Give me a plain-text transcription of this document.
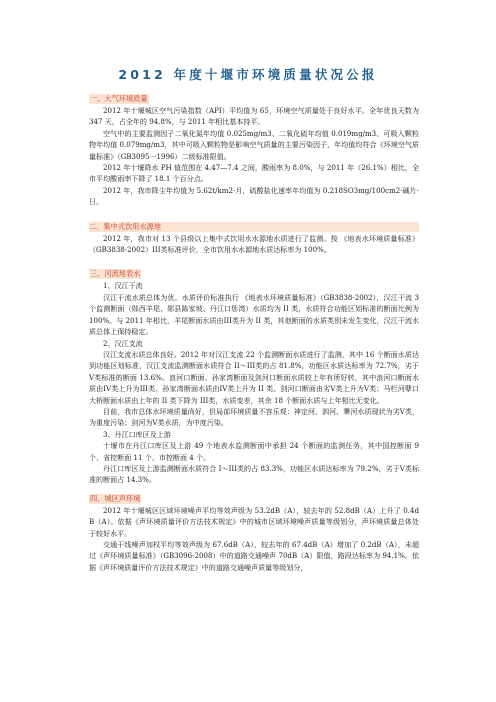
2012 年度十堰市环境质量状况公报
一、大气环境质量

2012 年十堰城区空气污染指数（API）平均值为 65，环境空气质量处于良好水平。全年优良天数为 347 天，占全年的 94.8%，与 2011 年相比基本持平。

空气中的主要监测因子二氧化氮年均值 0.025mg/m3、二氧化硫年均值 0.019mg/m3、可吸入颗粒物年均值 0.079mg/m3，其中可吸入颗粒物是影响空气质量的主要污染因子，年均值均符合《环境空气质量标准》（GB3095一1996）二级标准限值。

2012 年十堰降水 PH 值范围在 4.47—7.4 之间，酸雨率为 8.0%，与 2011 年（26.1%）相比，全市平均酸雨率下降了 18.1 个百分点。

2012 年，我市降尘年均值为 5.62t/km2·月，硫酸盐化速率年均值为 0.218SO3mg/100cm2·碱片·日。

二、集中式饮用水源地

2012 年，我市对 13 个县级以上集中式饮用水水源地水质进行了监测。按 《地表水环境质量标准》（GB3838-2002）III类标准评价，全市饮用水水源地水质达标率为 100%。

三、河流地表水

1、汉江干流

汉江干流水质总体为优。水质评价标准执行 《地表水环境质量标准》（GB3838-2002），汉江干流 3 个监测断面（郧西羊尾、郧县陈家坡、丹江口惩湾）水质均为 II 类，水质符合功能区划标准的断面比例为 100%。与 2011 年相比，羊尾断面水质由III类升为 II 类，其他断面的水质类别未发生变化，汉江干流水质总体上保持稳定。

2、汉江支流

汉江支流水质总体良好。2012 年对汉江支流 22 个监测断面水质进行了监测，其中 16 个断面水质达到功能区划标准，汉江支流监测断面水质符合 II～III类的占 81.8%，功能区水质达标率为 72.7%，劣于V类标准的断面 13.6%。浪河口断面、孙家湾断面及剑河口断面水质较上年有所好转，其中浪河口断面水质由IV类上升为III类、孙家湾断面水质由IV类上升为 II 类、剑河口断面由劣V类上升为V类；马栏河孽口大桥断面水质由上年的 II 类下降为 III类，水质变差，其余 18 个断面水质与上年相比无变化。

目前，我市总体水环境质量尚好，但局部环境质量不容乐观：神定河、泗河、犟河水质现状为劣V类，为重度污染；剑河为V类水质，为中度污染。

3、丹江口库区及上游

十堰市在丹江口库区及上游 49 个地表水监测断面中承担 24 个断面的监测任务，其中国控断面 9 个、省控断面 11 个、市控断面 4 个。

丹江口库区及上游监测断面水质符合 I～III类的占 83.3%，功能区水质达标率为 79.2%，劣于V类标准的断面占 14.3%。

四、城区声环境

2012 年十堰城区区域环境噪声平均等效声级为 53.2dB（A），较去年的 52.8dB（A）上升了 0.4dB（A）。依据《声环境质量评价方法技术规定》中的城市区域环境噪声质量等级划分，声环境质量总体处于较好水平。

交通干线噪声加权平均等效声级为 67.6dB（A），较去年的 67.4dB（A）增加了 0.2dB（A），未超过《声环境质量标准》（GB3096-2008）中的道路交通噪声 70dB（A）限值，路段达标率为 94.1%。依据《声环境质量评价方法技术规定》中的道路交通噪声质量等级划分，
